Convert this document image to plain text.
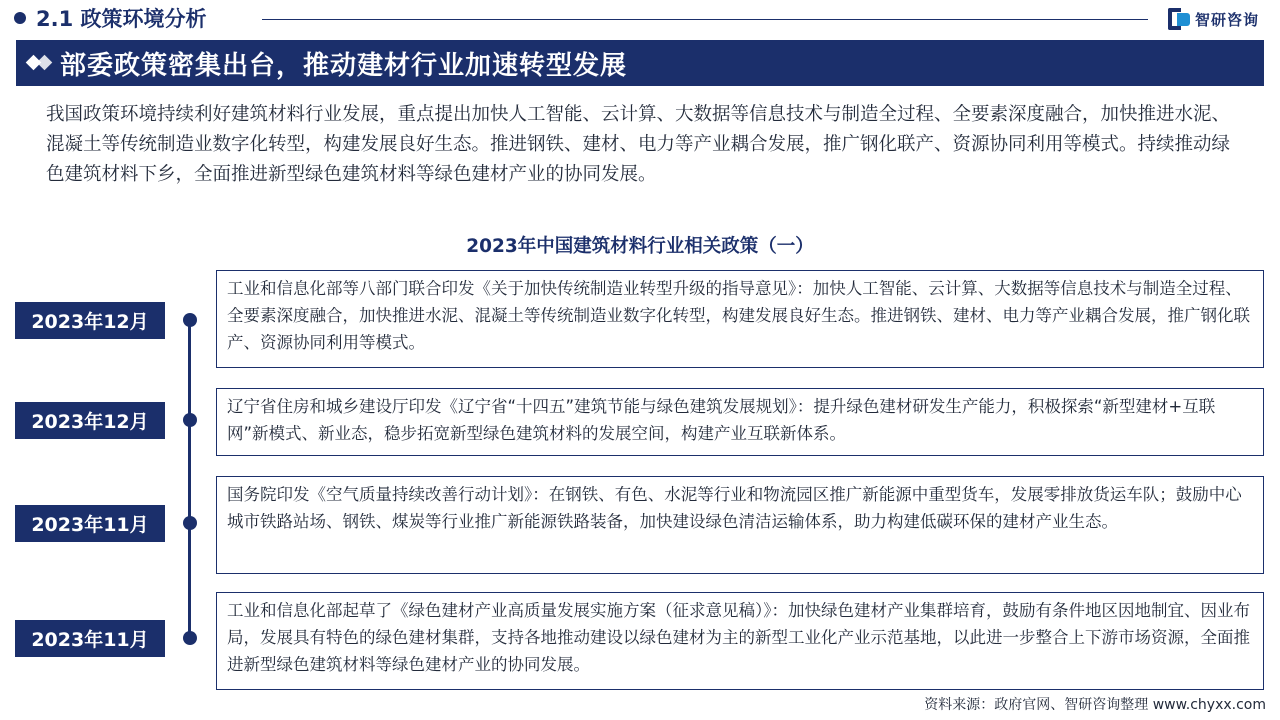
2.1 政策环境分析	智研咨询
部委政策密集出台，推动建材行业加速转型发展

我国政策环境持续利好建筑材料行业发展，重点提出加快人工智能、云计算、大数据等信息技术与制造全过程、全要素深度融合，加快推进水泥、混凝土等传统制造业数字化转型，构建发展良好生态。推进钢铁、建材、电力等产业耦合发展，推广钢化联产、资源协同利用等模式。持续推动绿色建筑材料下乡，全面推进新型绿色建筑材料等绿色建材产业的协同发展。

2023年中国建筑材料行业相关政策（一）
2023年12月
工业和信息化部等八部门联合印发《关于加快传统制造业转型升级的指导意见》：加快人工智能、云计算、大数据等信息技术与制造全过程、全要素深度融合，加快推进水泥、混凝土等传统制造业数字化转型，构建发展良好生态。推进钢铁、建材、电力等产业耦合发展，推广钢化联产、资源协同利用等模式。
2023年12月
辽宁省住房和城乡建设厅印发《辽宁省“十四五”建筑节能与绿色建筑发展规划》：提升绿色建材研发生产能力，积极探索“新型建材+互联网”新模式、新业态，稳步拓宽新型绿色建筑材料的发展空间，构建产业互联新体系。
2023年11月
国务院印发《空气质量持续改善行动计划》：在钢铁、有色、水泥等行业和物流园区推广新能源中重型货车，发展零排放货运车队；鼓励中心城市铁路站场、钢铁、煤炭等行业推广新能源铁路装备，加快建设绿色清洁运输体系，助力构建低碳环保的建材产业生态。
2023年11月
工业和信息化部起草了《绿色建材产业高质量发展实施方案（征求意见稿）》：加快绿色建材产业集群培育，鼓励有条件地区因地制宜、因业布局，发展具有特色的绿色建材集群，支持各地推动建设以绿色建材为主的新型工业化产业示范基地，以此进一步整合上下游市场资源，全面推进新型绿色建筑材料等绿色建材产业的协同发展。
资料来源：政府官网、智研咨询整理 www.chyxx.com
